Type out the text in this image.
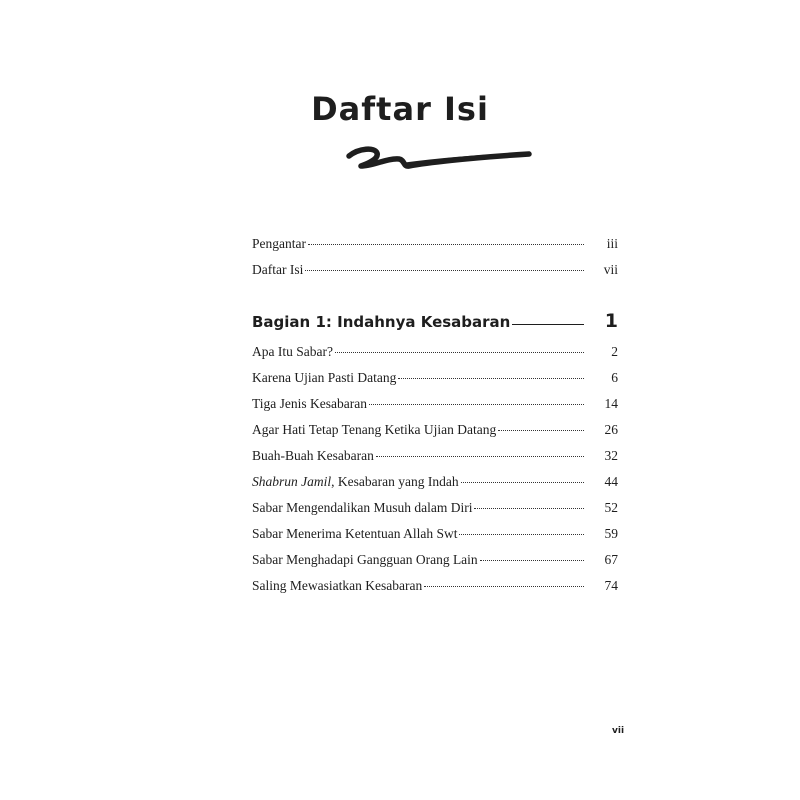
Daftar Isi
Pengantar	iii
Daftar Isi	vii
Bagian 1: Indahnya Kesabaran	1
Apa Itu Sabar?	2
Karena Ujian Pasti Datang	6
Tiga Jenis Kesabaran	14
Agar Hati Tetap Tenang Ketika Ujian Datang	26
Buah-Buah Kesabaran	32
Shabrun Jamil, Kesabaran yang Indah	44
Sabar Mengendalikan Musuh dalam Diri	52
Sabar Menerima Ketentuan Allah Swt	59
Sabar Menghadapi Gangguan Orang Lain	67
Saling Mewasiatkan Kesabaran	74
vii
